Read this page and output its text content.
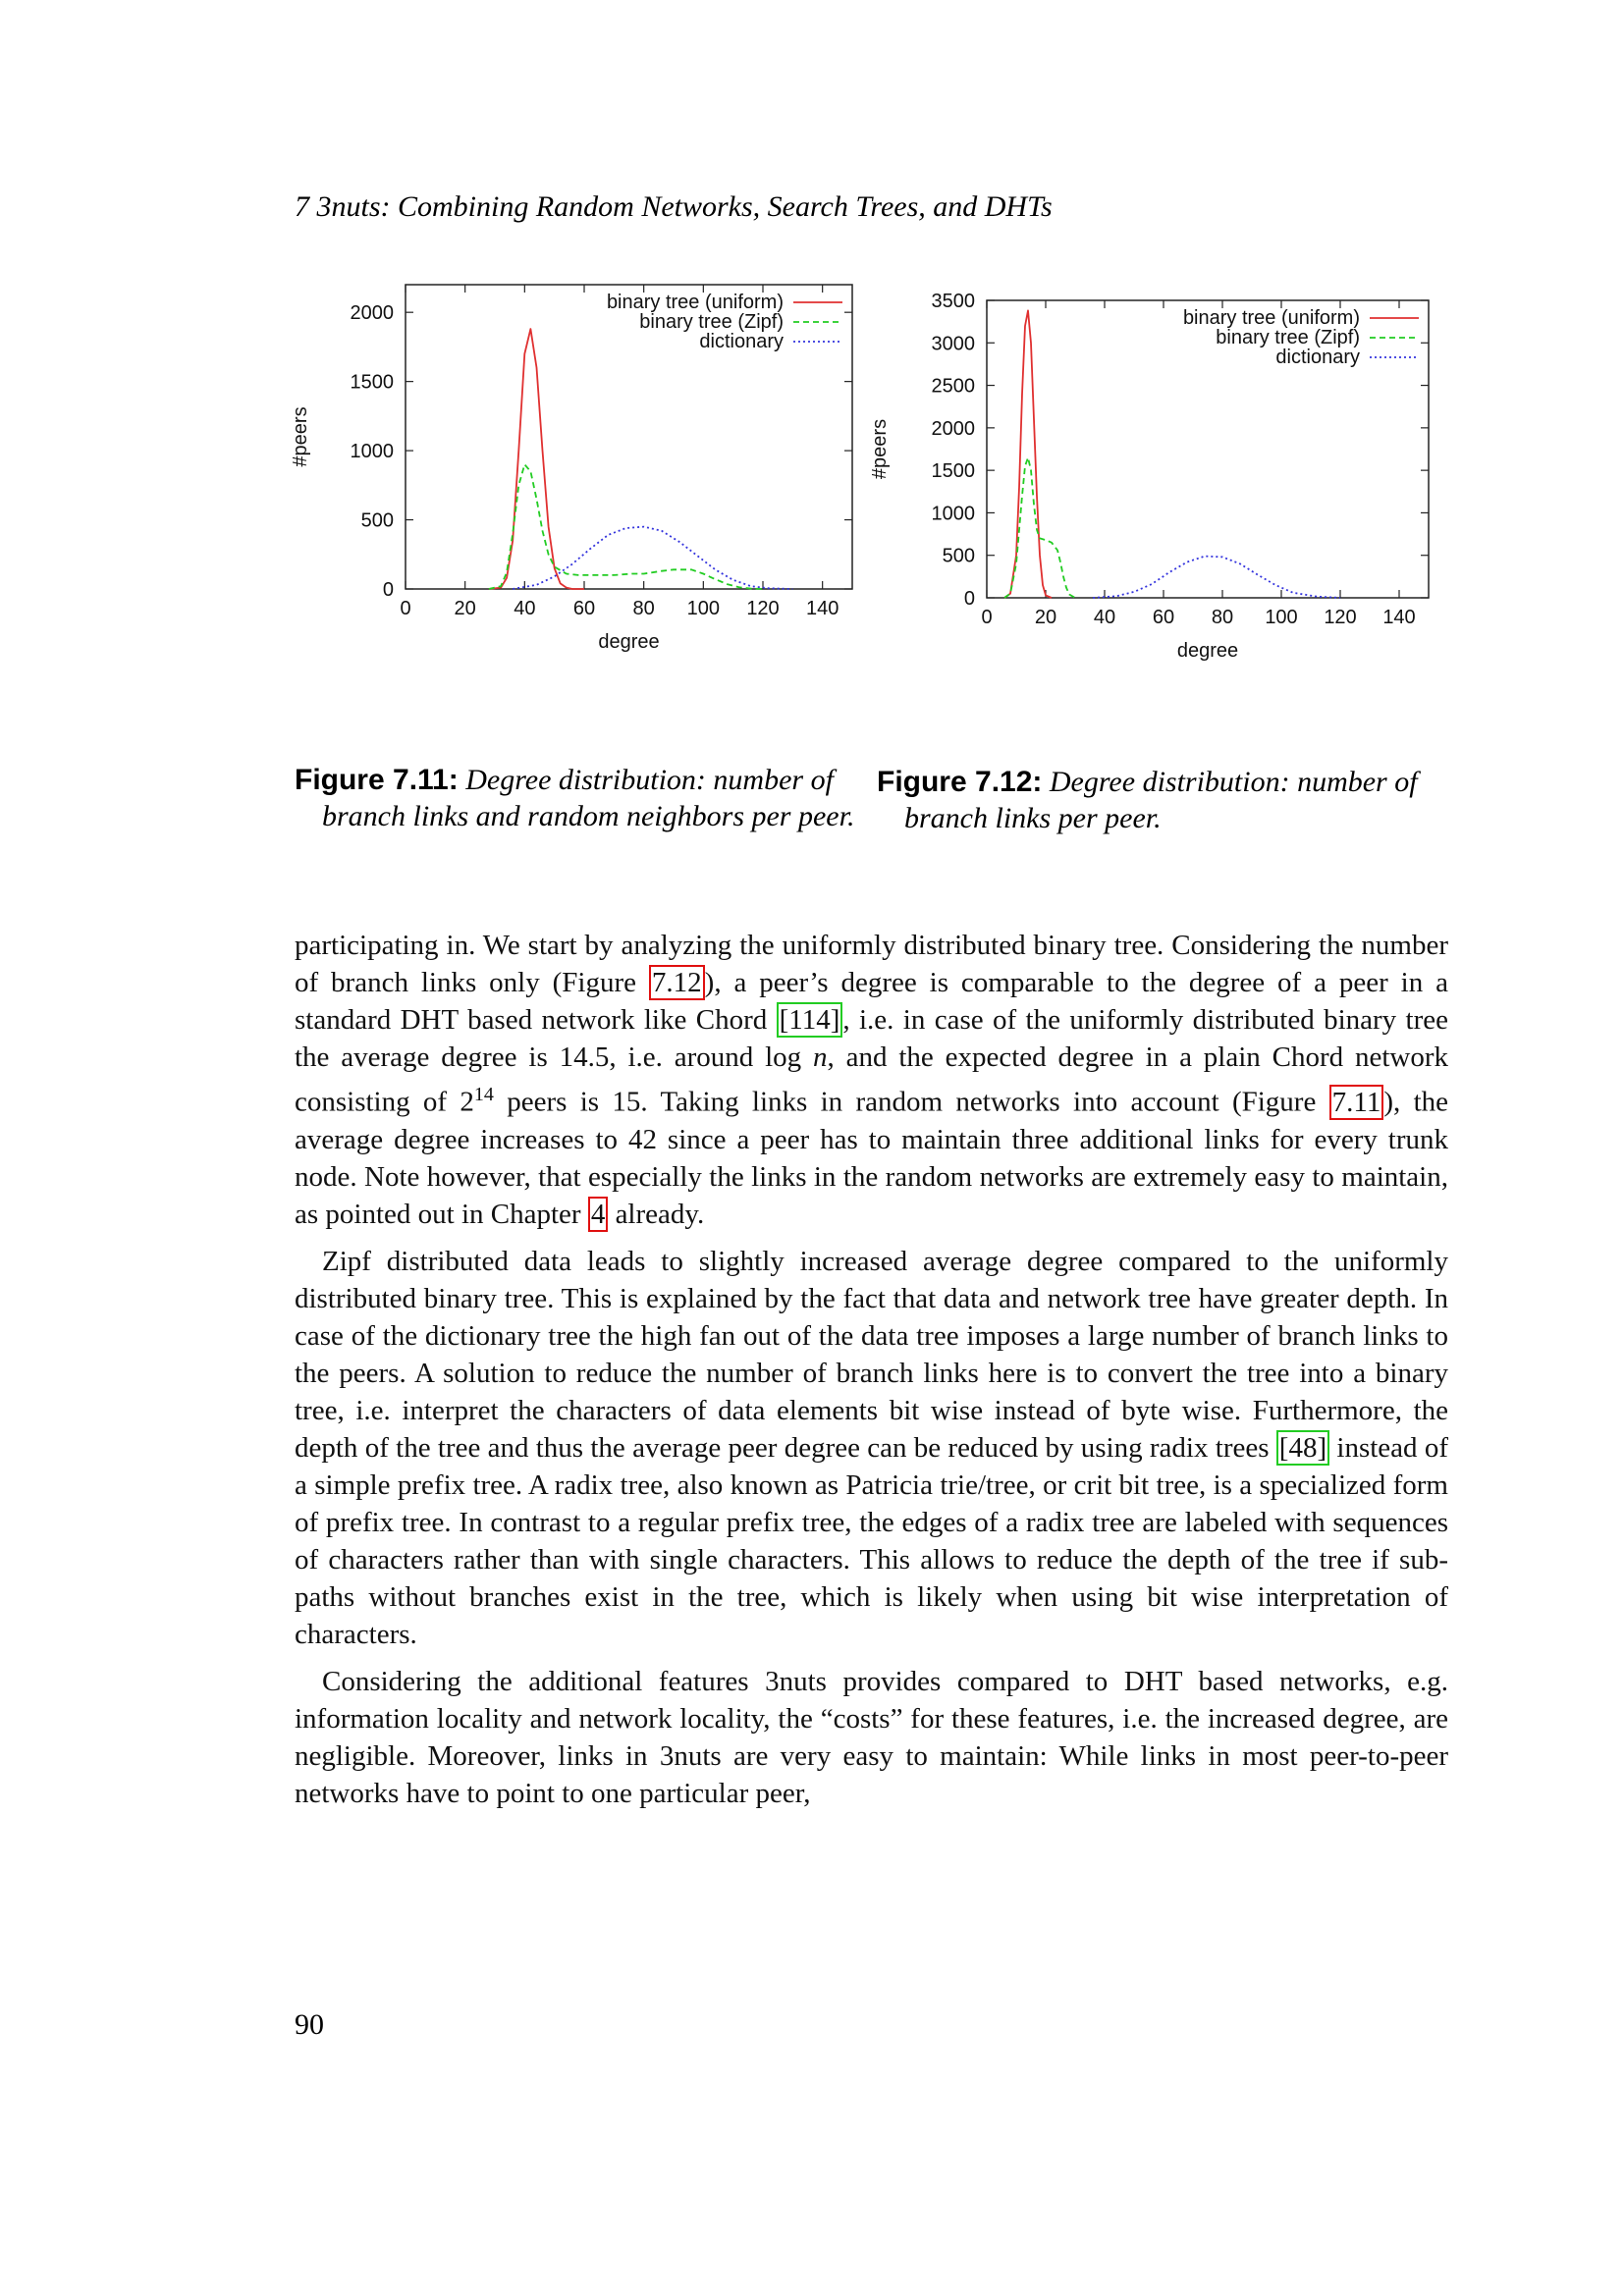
7 3nuts: Combining Random Networks, Search Trees, and DHTs
0 20 40 60 80 100 120 140
0
500
1000
1500
2000
degree
#peers
binary tree (uniform)
binary tree (Zipf)
dictionary
0 20 40 60 80 100 120 140
0
500
1000
1500
2000
2500
3000
3500
degree
#peers
binary tree (uniform)
binary tree (Zipf)
dictionary
Figure 7.11: Degree distribution: number of
branch links and random neighbors per peer.
Figure 7.12: Degree distribution: number of
branch links per peer.

participating in. We start by analyzing the uniformly distributed binary tree. Considering the number of branch links only (Figure 7.12 ), a peer’s degree is comparable to the degree of a peer in a standard DHT based network like Chord [114] , i.e. in case of the uniformly distributed binary tree the average degree is 14.5, i.e. around log n, and the expected degree in a plain Chord network consisting of $2^{14}$ peers is 15. Taking links in random networks into account (Figure 7.11 ), the average degree increases to 42 since a peer has to maintain three additional links for every trunk node. Note however, that especially the links in the random networks are extremely easy to maintain, as pointed out in Chapter 4 already.

Zipf distributed data leads to slightly increased average degree compared to the uniformly distributed binary tree. This is explained by the fact that data and network tree have greater depth. In case of the dictionary tree the high fan out of the data tree imposes a large number of branch links to the peers. A solution to reduce the number of branch links here is to convert the tree into a binary tree, i.e. interpret the characters of data elements bit wise instead of byte wise. Furthermore, the depth of the tree and thus the average peer degree can be reduced by using radix trees [48] instead of a simple prefix tree. A radix tree, also known as Patricia trie/tree, or crit bit tree, is a specialized form of prefix tree. In contrast to a regular prefix tree, the edges of a radix tree are labeled with sequences of characters rather than with single characters. This allows to reduce the depth of the tree if sub-paths without branches exist in the tree, which is likely when using bit wise interpretation of characters.

Considering the additional features 3nuts provides compared to DHT based networks, e.g. information locality and network locality, the “costs” for these features, i.e. the increased degree, are negligible. Moreover, links in 3nuts are very easy to maintain: While links in most peer-to-peer networks have to point to one particular peer,

90
